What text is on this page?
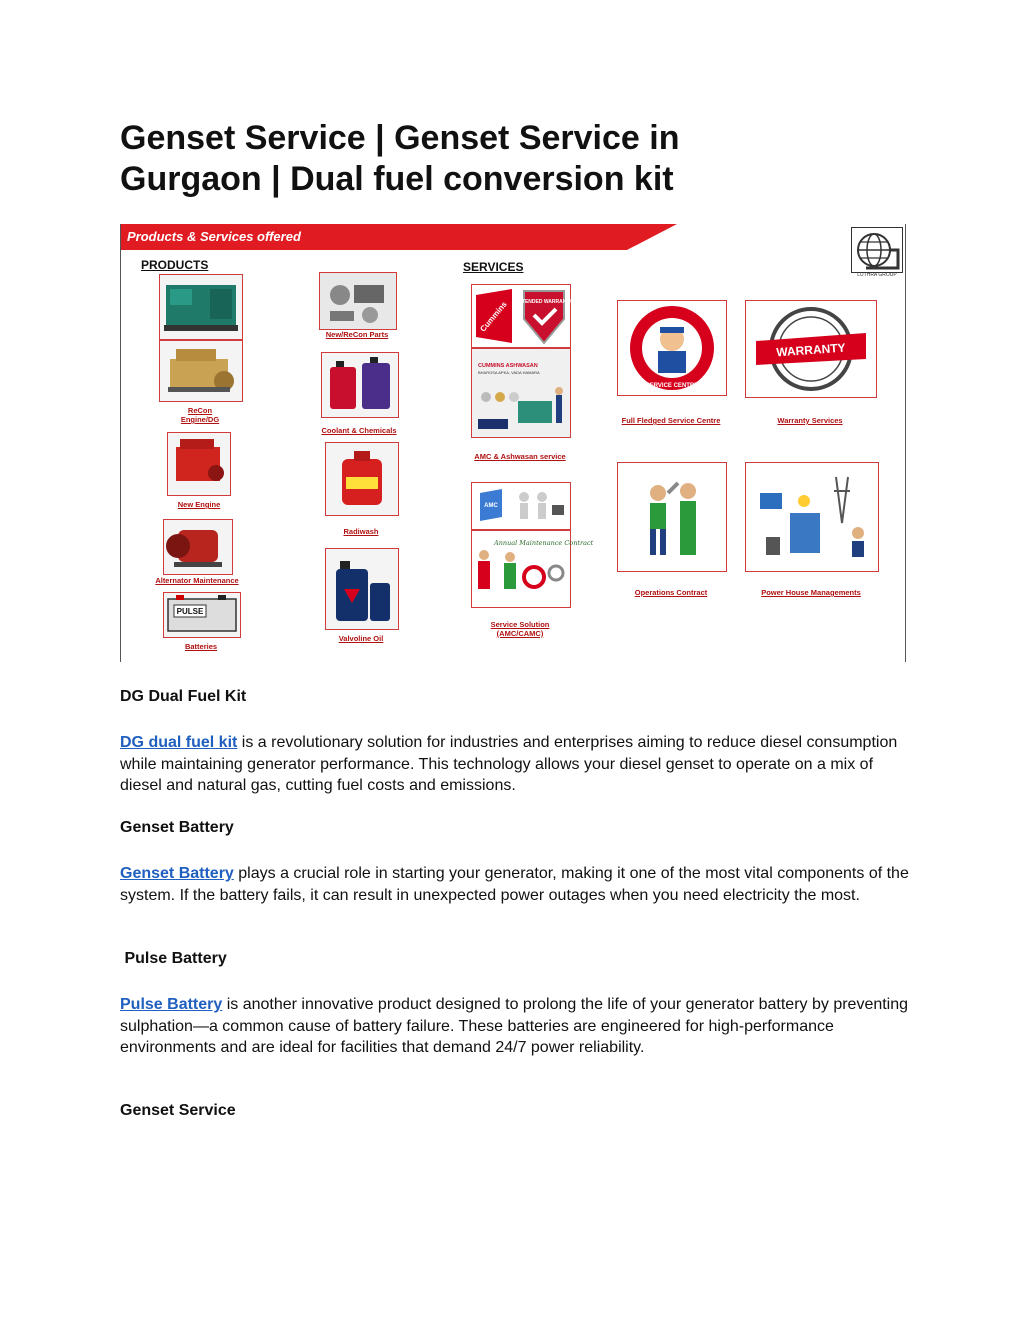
Genset Service | Genset Service in
Gurgaon | Dual fuel conversion kit
Products & Services offered
LUTHRA GROUP
PRODUCTS	SERVICES
ReCon
Engine/DG
New Engine
Alternator Maintenance
PULSE
Batteries
New/ReCon Parts
Coolant & Chemicals
Radiwash
Valvoline Oil
Cummins EXTENDED WARRANTY
CUMMINS ASHWASAN
BHAROSA APKA, VADA HAMARA
AMC & Ashwasan service
AMC
Annual Maintenance Contract
Service Solution
(AMC/CAMC)
SERVICE CENTRE
Full Fledged Service Centre
WARRANTY
Warranty Services
Operations Contract	Power House Managements
DG Dual Fuel Kit

DG dual fuel kit is a revolutionary solution for industries and enterprises aiming to reduce diesel consumption while maintaining generator performance. This technology allows your diesel genset to operate on a mix of diesel and natural gas, cutting fuel costs and emissions.

Genset Battery

Genset Battery plays a crucial role in starting your generator, making it one of the most vital components of the system. If the battery fails, it can result in unexpected power outages when you need electricity the most.

Pulse Battery

Pulse Battery is another innovative product designed to prolong the life of your generator battery by preventing sulphation—a common cause of battery failure. These batteries are engineered for high-performance environments and are ideal for facilities that demand 24/7 power reliability.

Genset Service
